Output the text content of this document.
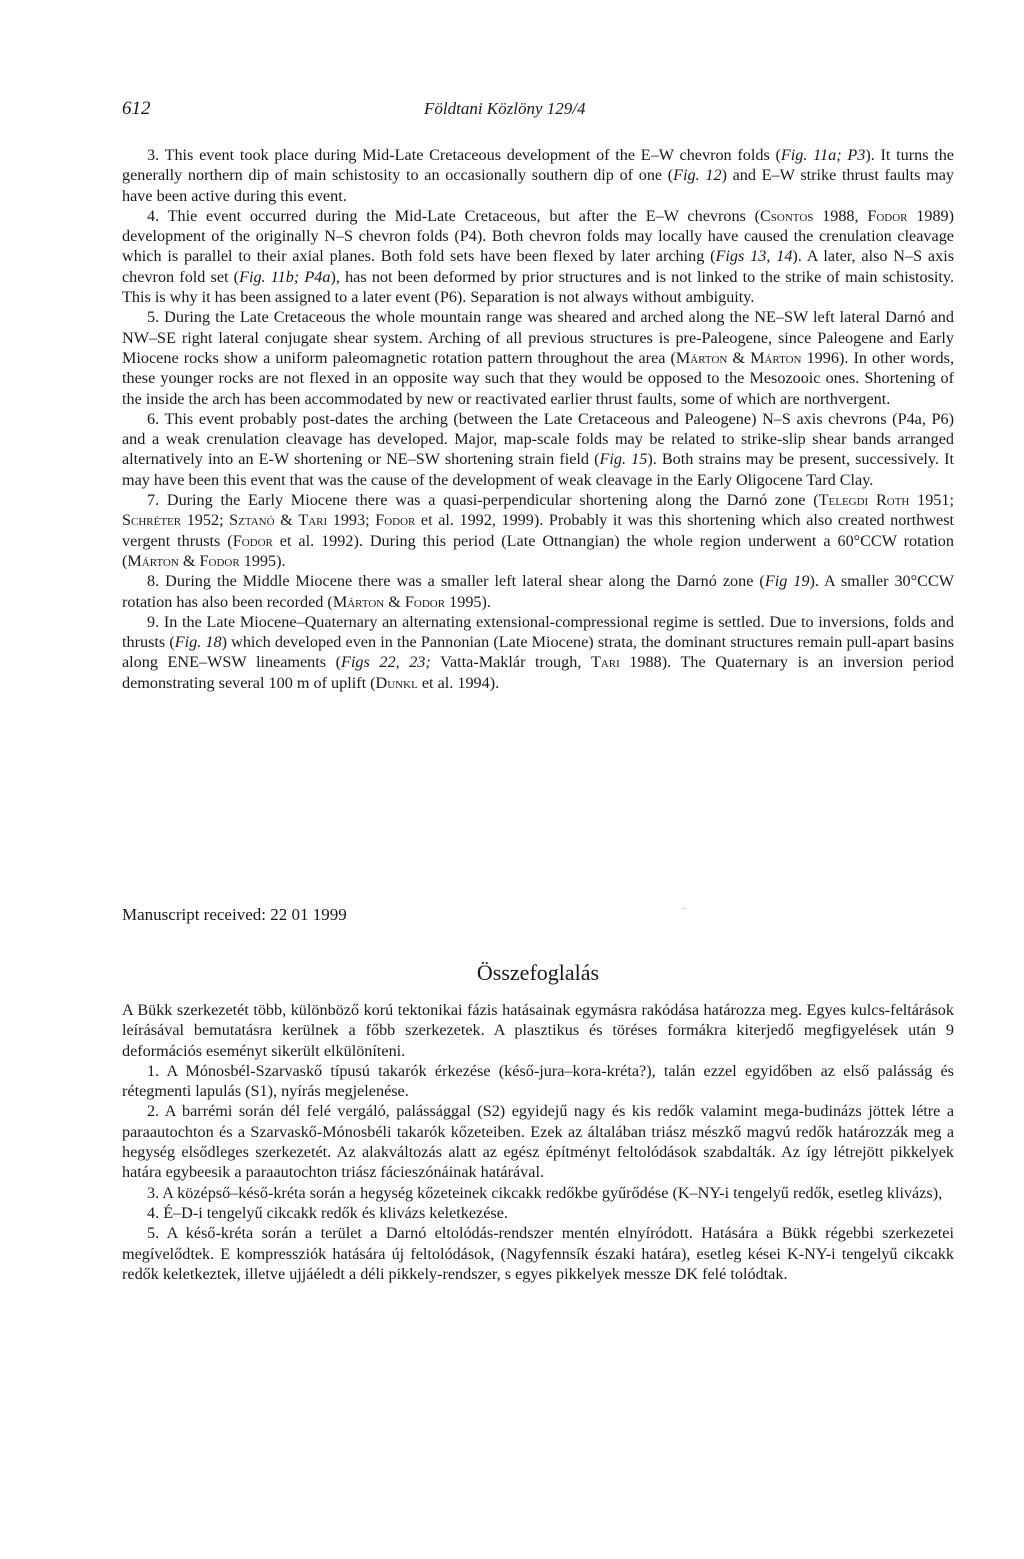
612	Földtani Közlöny 129/4

3. This event took place during Mid-Late Cretaceous development of the E–W chevron folds (Fig. 11a; P3). It turns the generally northern dip of main schistosity to an occasionally southern dip of one (Fig. 12) and E–W strike thrust faults may have been active during this event.

4. Thie event occurred during the Mid-Late Cretaceous, but after the E–W chevrons (Csontos 1988, Fodor 1989) development of the originally N–S chevron folds (P4). Both chevron folds may locally have caused the crenulation cleavage which is parallel to their axial planes. Both fold sets have been flexed by later arching (Figs 13, 14). A later, also N–S axis chevron fold set (Fig. 11b; P4a), has not been deformed by prior structures and is not linked to the strike of main schistosity. This is why it has been assigned to a later event (P6). Separation is not always without ambiguity.

5. During the Late Cretaceous the whole mountain range was sheared and arched along the NE–SW left lateral Darnó and NW–SE right lateral conjugate shear system. Arching of all previous structures is pre-Paleogene, since Paleogene and Early Miocene rocks show a uniform paleomagnetic rotation pattern throughout the area (Márton & Márton 1996). In other words, these younger rocks are not flexed in an opposite way such that they would be opposed to the Mesozooic ones. Shortening of the inside the arch has been accommodated by new or reactivated earlier thrust faults, some of which are northvergent.

6. This event probably post-dates the arching (between the Late Cretaceous and Paleogene) N–S axis chevrons (P4a, P6) and a weak crenulation cleavage has developed. Major, map-scale folds may be related to strike-slip shear bands arranged alternatively into an E-W shortening or NE–SW shortening strain field (Fig. 15). Both strains may be present, successively. It may have been this event that was the cause of the development of weak cleavage in the Early Oligocene Tard Clay.

7. During the Early Miocene there was a quasi-perpendicular shortening along the Darnó zone (Telegdi Roth 1951; Schréter 1952; Sztanó & Tari 1993; Fodor et al. 1992, 1999). Probably it was this shortening which also created northwest vergent thrusts (Fodor et al. 1992). During this period (Late Ottnangian) the whole region underwent a 60°CCW rotation (Márton & Fodor 1995).

8. During the Middle Miocene there was a smaller left lateral shear along the Darnó zone (Fig 19). A smaller 30°CCW rotation has also been recorded (Márton & Fodor 1995).

9. In the Late Miocene–Quaternary an alternating extensional-compressional regime is settled. Due to inversions, folds and thrusts (Fig. 18) which developed even in the Pannonian (Late Miocene) strata, the dominant structures remain pull-apart basins along ENE–WSW lineaments (Figs 22, 23; Vatta-Maklár trough, Tari 1988). The Quaternary is an inversion period demonstrating several 100 m of uplift (Dunkl et al. 1994).

Manuscript received: 22 01 1999
Összefoglalás

A Bükk szerkezetét több, különböző korú tektonikai fázis hatásainak egymásra rakódása határozza meg. Egyes kulcs-feltárások leírásával bemutatásra kerülnek a főbb szerkezetek. A plasztikus és töréses formákra kiterjedő megfigyelések után 9 deformációs eseményt sikerült elkülöníteni.

1. A Mónosbél-Szarvaskő típusú takarók érkezése (késő-jura–kora-kréta?), talán ezzel egyidőben az első palásság és rétegmenti lapulás (S1), nyírás megjelenése.

2. A barrémi során dél felé vergáló, palássággal (S2) egyidejű nagy és kis redők valamint mega-budinázs jöttek létre a paraautochton és a Szarvaskő-Mónosbéli takarók kőzeteiben. Ezek az általában triász mészkő magvú redők határozzák meg a hegység elsődleges szerkezetét. Az alakváltozás alatt az egész építményt feltolódások szabdalták. Az így létrejött pikkelyek határa egybeesik a paraautochton triász fácieszónáinak határával.

3. A középső–késő-kréta során a hegység kőzeteinek cikcakk redőkbe gyűrődése (K–NY-i tengelyű redők, esetleg klivázs),

4. É–D-i tengelyű cikcakk redők és klivázs keletkezése.

5. A késő-kréta során a terület a Darnó eltolódás-rendszer mentén elnyíródott. Hatására a Bükk régebbi szerkezetei megívelődtek. E kompressziók hatására új feltolódások, (Nagyfennsík északi határa), esetleg kései K-NY-i tengelyű cikcakk redők keletkeztek, illetve ujjáéledt a déli pikkely-rendszer, s egyes pikkelyek messze DK felé tolódtak.
